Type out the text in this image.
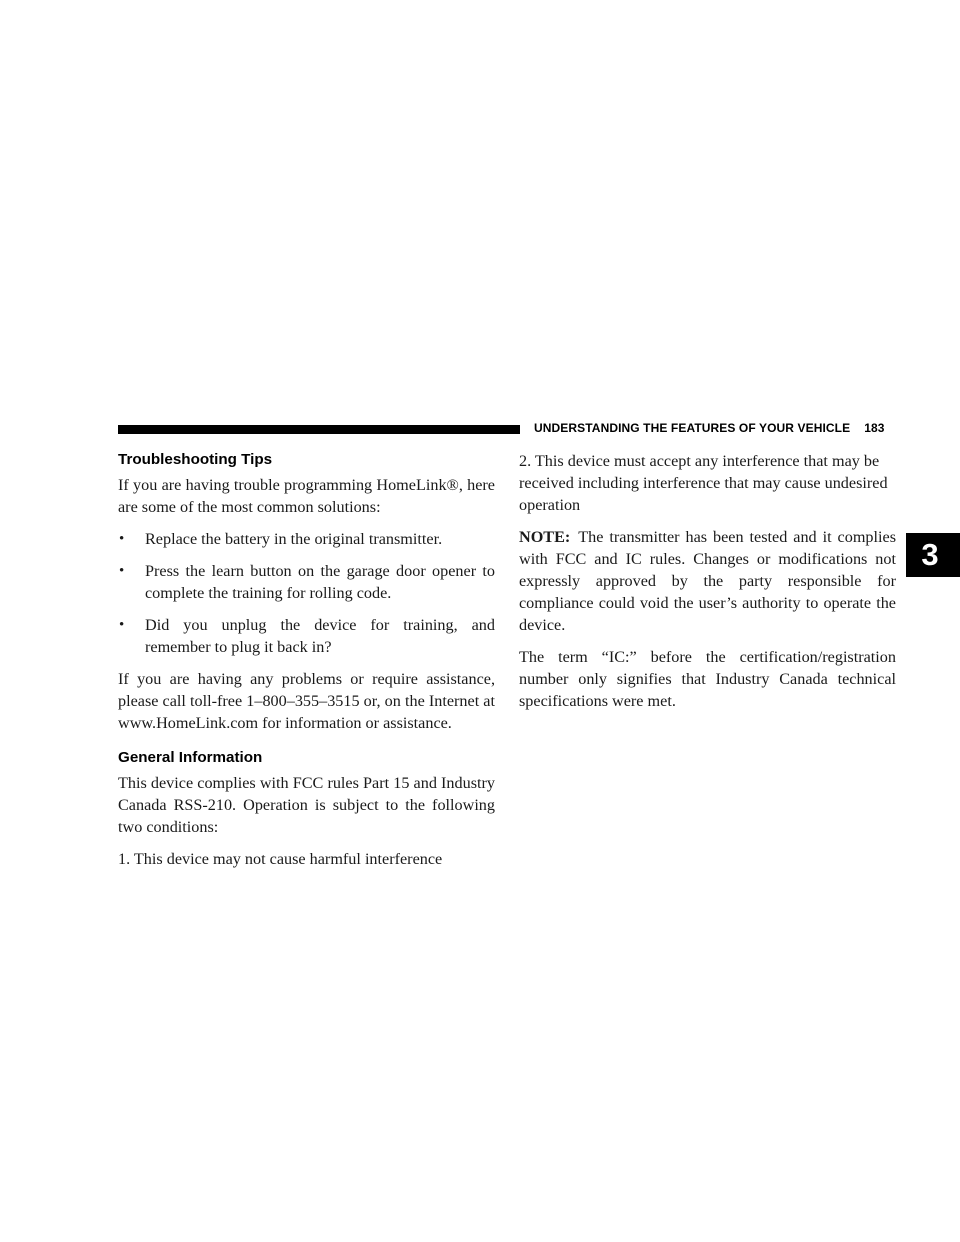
UNDERSTANDING THE FEATURES OF YOUR VEHICLE 183
3
Troubleshooting Tips

If you are having trouble programming HomeLink®, here are some of the most common solutions:

• Replace the battery in the original transmitter.
• Press the learn button on the garage door opener to complete the training for rolling code.
• Did you unplug the device for training, and remember to plug it back in?

If you are having any problems or require assistance, please call toll-free 1–800–355–3515 or, on the Internet at www.HomeLink.com for information or assistance.

General Information

This device complies with FCC rules Part 15 and Industry Canada RSS-210. Operation is subject to the following two conditions:

1. This device may not cause harmful interference

2. This device must accept any interference that may be received including interference that may cause undesired operation

NOTE: The transmitter has been tested and it complies with FCC and IC rules. Changes or modifications not expressly approved by the party responsible for compliance could void the user’s authority to operate the device.

The term “IC:” before the certification/registration number only signifies that Industry Canada technical specifications were met.
